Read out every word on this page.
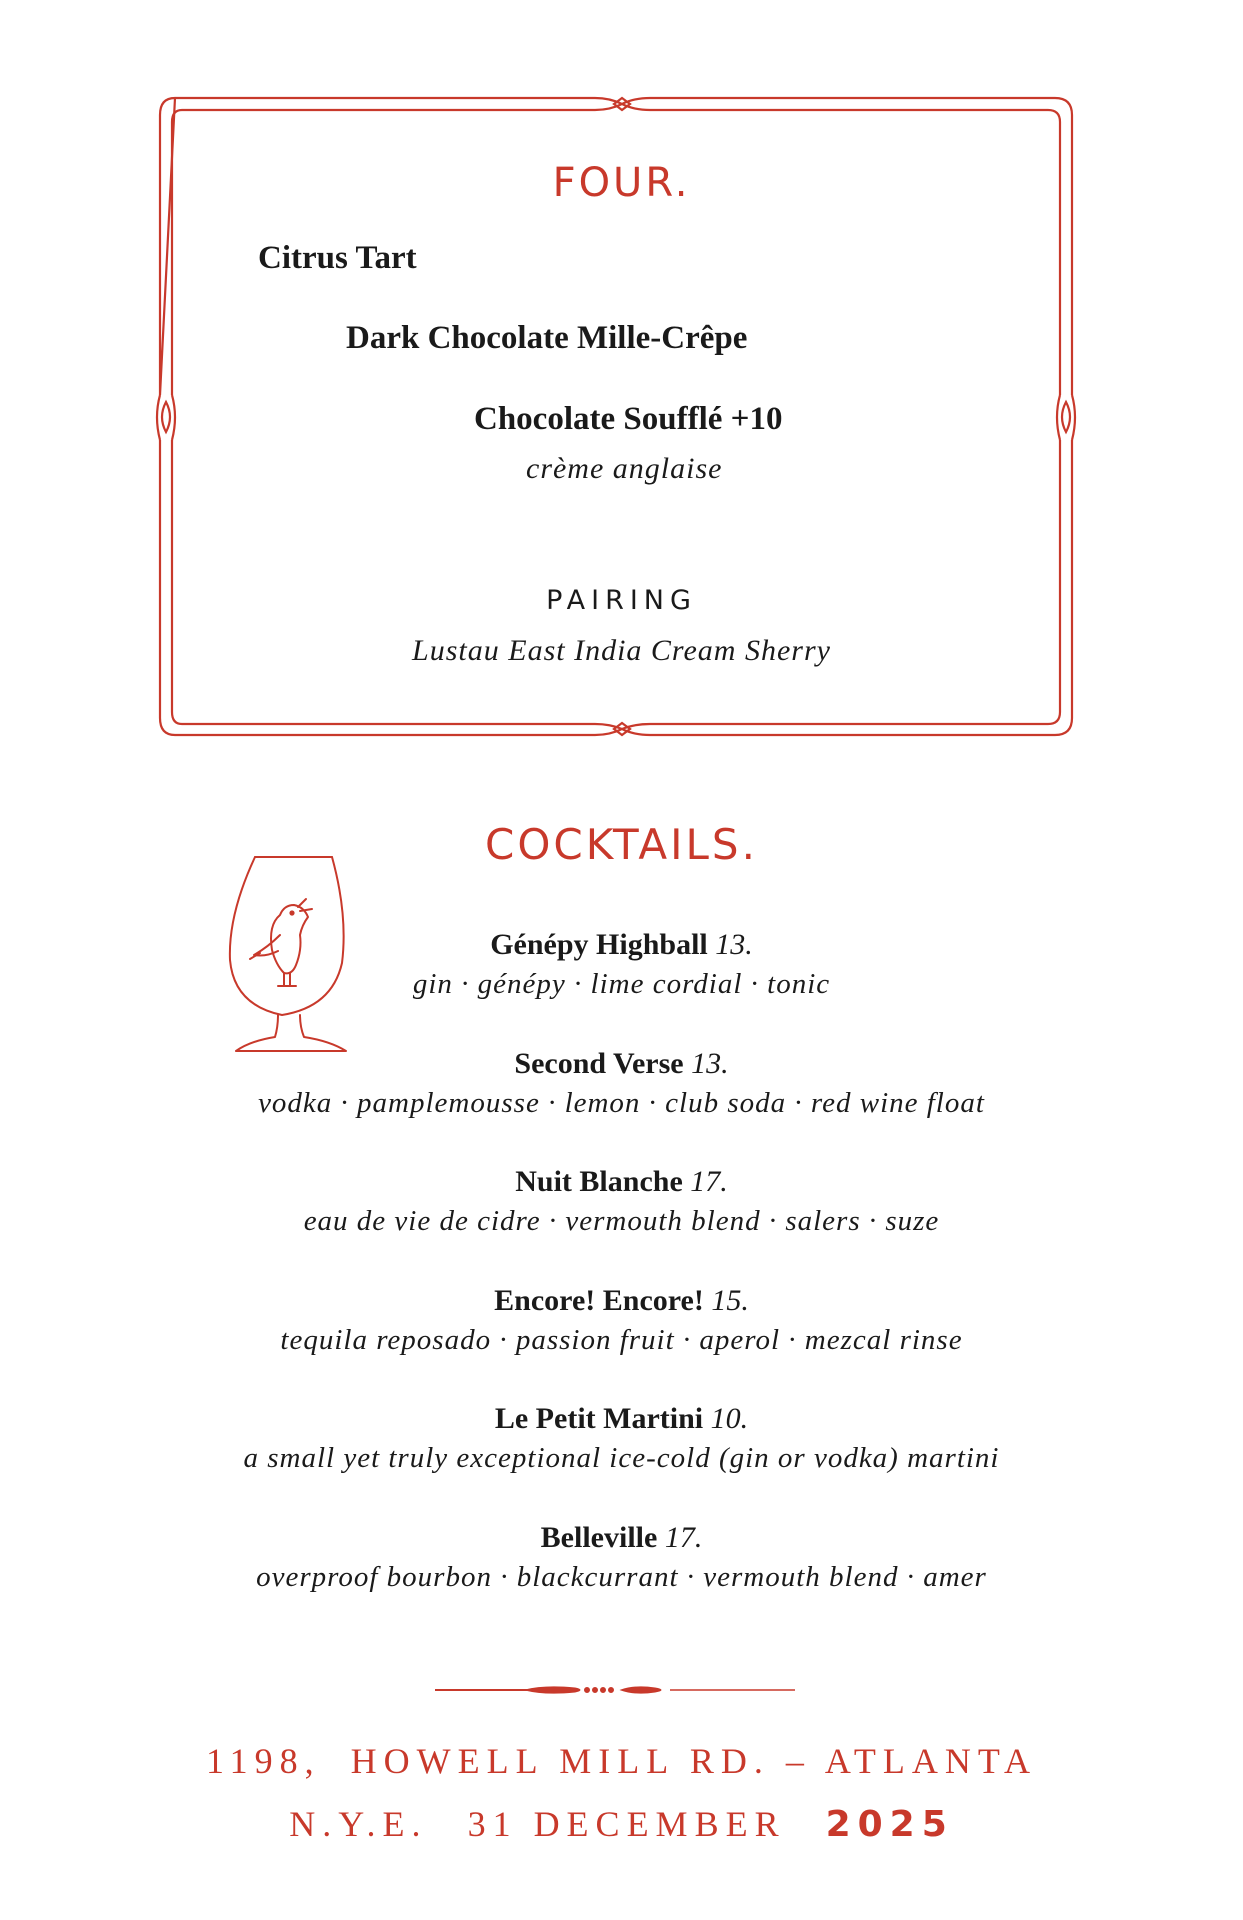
FOUR.
Citrus Tart
Dark Chocolate Mille-Crêpe
Chocolate Soufflé +10
crème anglaise
PAIRING
Lustau East India Cream Sherry
COCKTAILS.
Génépy Highball 13.
gin · génépy · lime cordial · tonic
Second Verse 13.
vodka · pamplemousse · lemon · club soda · red wine float
Nuit Blanche 17.
eau de vie de cidre · vermouth blend · salers · suze
Encore! Encore! 15.
tequila reposado · passion fruit · aperol · mezcal rinse
Le Petit Martini 10.
a small yet truly exceptional ice-cold (gin or vodka) martini
Belleville 17.
overproof bourbon · blackcurrant · vermouth blend · amer
1198, HOWELL MILL RD. – ATLANTA
N.Y.E. 31 DECEMBER 2025
